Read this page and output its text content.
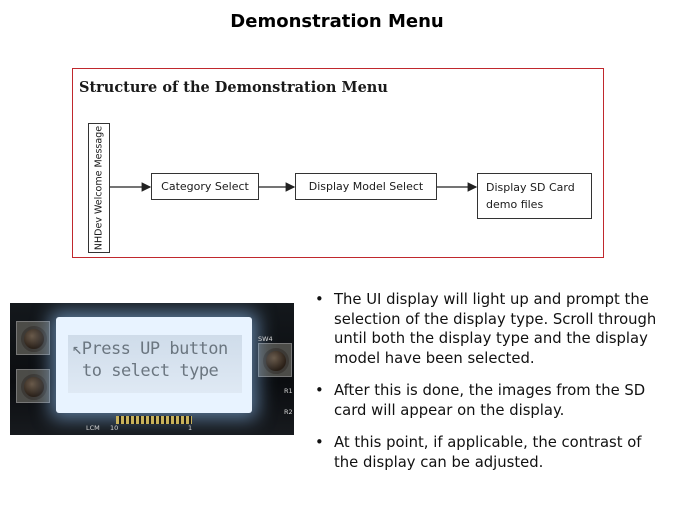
Demonstration Menu
Structure of the Demonstration Menu
NHDev Welcome Message	Category Select	Display Model Select	Display SD Card
demo files
↖Press UP button
to select type
LCM 10	1
SW4
R1
R2
• The UI display will light up and prompt the selection of the display type. Scroll through until both the display type and the display model have been selected.
• After this is done, the images from the SD card will appear on the display.
• At this point, if applicable, the contrast of the display can be adjusted.
